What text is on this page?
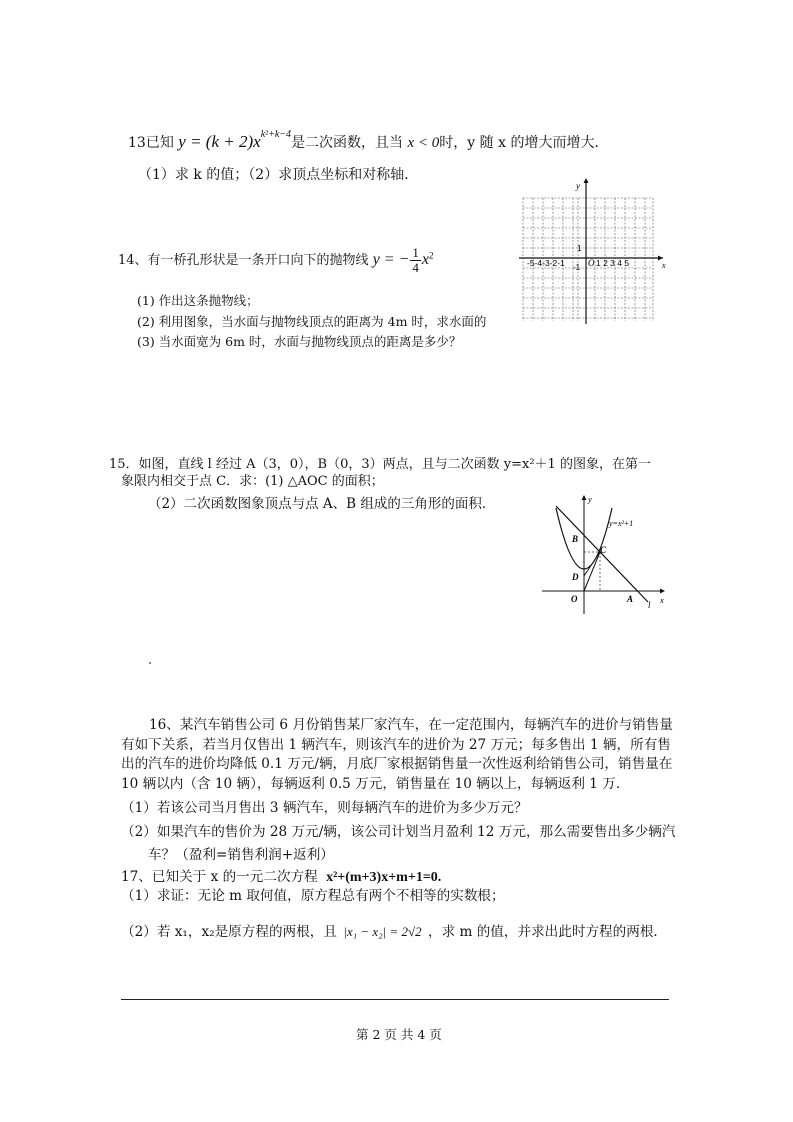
13已知 $y = (k + 2)x^{k^2+k-4}$是二次函数，且当 x < 0时，y 随 x 的增大而增大．
（1）求 k 的值；（2）求顶点坐标和对称轴．
14、有一桥孔形状是一条开口向下的抛物线 y = − $\frac{1}{4} x^2$
(1) 作出这条抛物线；
(2) 利用图象，当水面与抛物线顶点的距离为 4m 时，求水面的
(3) 当水面宽为 6m 时，水面与抛物线顶点的距离是多少？
y
x
1
-1
-5-4-3-2-1	O 1 2 3 4 5
15．如图，直线 l 经过 A（3，0），B（0，3）两点，且与二次函数 y=x²＋1 的图象，在第一
象限内相交于点 C．求：(1) △AOC 的面积；
（2）二次函数图象顶点与点 A、B 组成的三角形的面积．
y=x²+1
y
x
B
C
D
O	A
l
16、某汽车销售公司 6 月份销售某厂家汽车，在一定范围内，每辆汽车的进价与销售量有如下关系，若当月仅售出 1 辆汽车，则该汽车的进价为 27 万元；每多售出 1 辆，所有售出的汽车的进价均降低 0.1 万元/辆，月底厂家根据销售量一次性返利给销售公司，销售量在 10 辆以内（含 10 辆），每辆返利 0.5 万元，销售量在 10 辆以上，每辆返利 1 万．
（1）若该公司当月售出 3 辆汽车，则每辆汽车的进价为多少万元？
（2）如果汽车的售价为 28 万元/辆，该公司计划当月盈利 12 万元，那么需要售出多少辆汽
车？（盈利=销售利润+返利）
17、已知关于 x 的一元二次方程 x²+(m+3)x+m+1=0.
（1）求证：无论 m 取何值，原方程总有两个不相等的实数根；
（2）若 x₁，x₂是原方程的两根，且 |x₁ − x₂| = 2√2 ，求 m 的值，并求出此时方程的两根．
第 2 页 共 4 页
